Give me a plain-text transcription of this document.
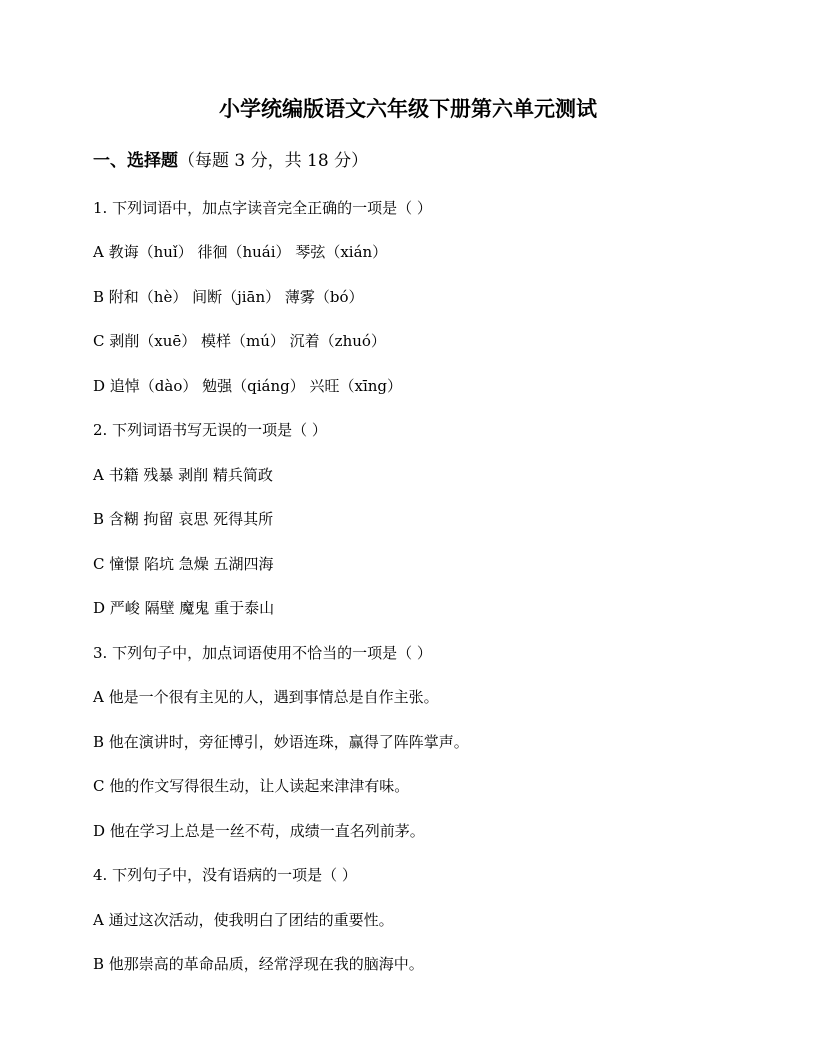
小学统编版语文六年级下册第六单元测试
一、选择题（每题 3 分，共 18 分）
1. 下列词语中，加点字读音完全正确的一项是（ ）
A 教诲（huǐ） 徘徊（huái） 琴弦（xián）
B 附和（hè） 间断（jiān） 薄雾（bó）
C 剥削（xuē） 模样（mú） 沉着（zhuó）
D 追悼（dào） 勉强（qiáng） 兴旺（xīng）
2. 下列词语书写无误的一项是（ ）
A 书籍 残暴 剥削 精兵简政
B 含糊 拘留 哀思 死得其所
C 憧憬 陷坑 急燥 五湖四海
D 严峻 隔壁 魔鬼 重于泰山
3. 下列句子中，加点词语使用不恰当的一项是（ ）
A 他是一个很有主见的人，遇到事情总是自作主张。
B 他在演讲时，旁征博引，妙语连珠，赢得了阵阵掌声。
C 他的作文写得很生动，让人读起来津津有味。
D 他在学习上总是一丝不苟，成绩一直名列前茅。
4. 下列句子中，没有语病的一项是（ ）
A 通过这次活动，使我明白了团结的重要性。
B 他那崇高的革命品质，经常浮现在我的脑海中。
